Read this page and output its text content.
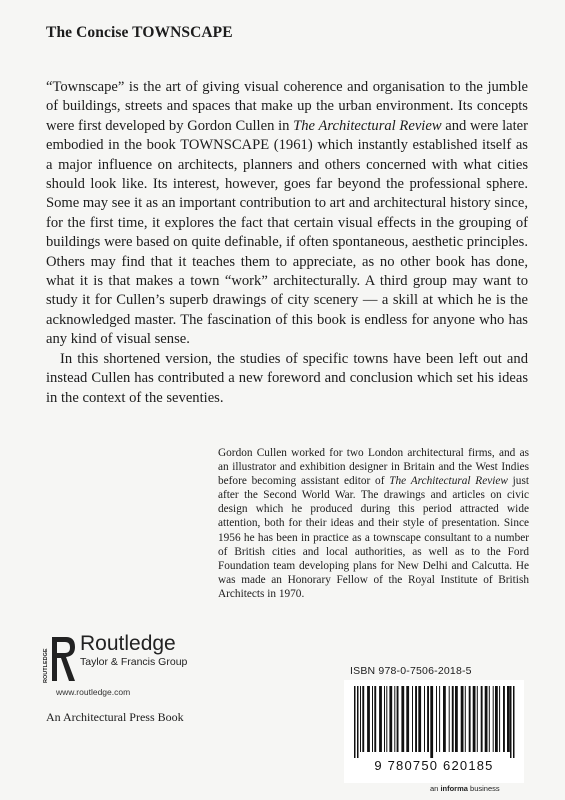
The Concise TOWNSCAPE

“Townscape” is the art of giving visual coherence and organisation to the jumble of buildings, streets and spaces that make up the urban environment. Its concepts were first developed by Gordon Cullen in The Architectural Review and were later embodied in the book TOWNSCAPE (1961) which instantly established itself as a major influence on architects, planners and others concerned with what cities should look like. Its interest, however, goes far beyond the professional sphere. Some may see it as an important contribution to art and architectural history since, for the first time, it explores the fact that certain visual effects in the grouping of buildings were based on quite definable, if often spontaneous, aesthetic principles. Others may find that it teaches them to appreciate, as no other book has done, what it is that makes a town “work” architecturally. A third group may want to study it for Cullen’s superb drawings of city scenery — a skill at which he is the acknowledged master. The fascination of this book is endless for anyone who has any kind of visual sense.

In this shortened version, the studies of specific towns have been left out and instead Cullen has contributed a new foreword and conclusion which set his ideas in the context of the seventies.

Gordon Cullen worked for two London architectural firms, and as an illustrator and exhibition designer in Britain and the West Indies before becoming assistant editor of The Architectural Review just after the Second World War. The drawings and articles on civic design which he produced during this period attracted wide attention, both for their ideas and their style of presentation. Since 1956 he has been in practice as a townscape consultant to a number of British cities and local authorities, as well as to the Ford Foundation team developing plans for New Delhi and Calcutta. He was made an Honorary Fellow of the Royal Institute of British Architects in 1970.
ROUTLEDGE
Routledge
Taylor & Francis Group
www.routledge.com
An Architectural Press Book
ISBN 978-0-7506-2018-5
9 780750 620185
an informa business
